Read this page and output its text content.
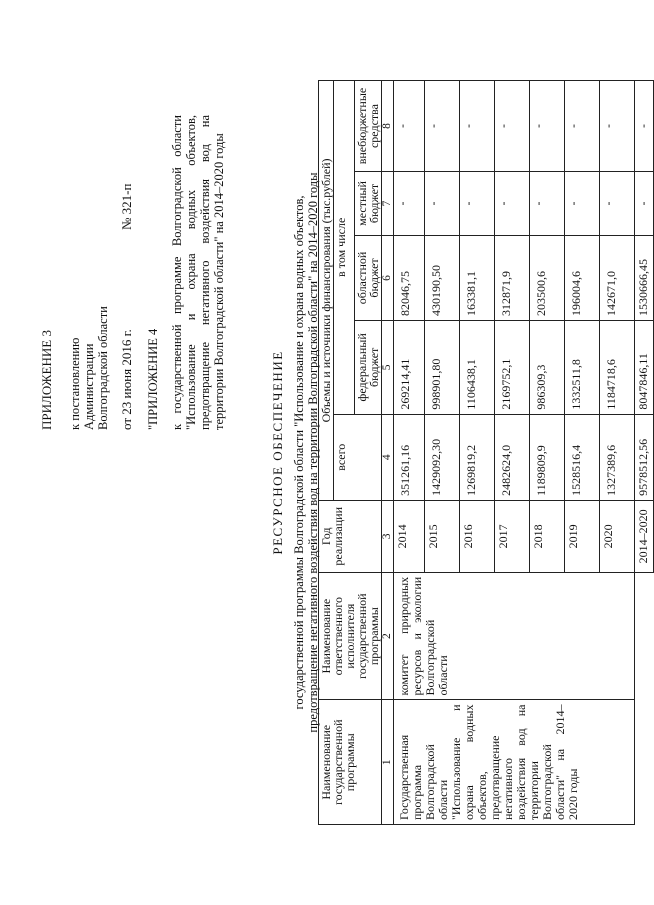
ПРИЛОЖЕНИЕ 3 к постановлению Администрации Волгоградской области от 23 июня 2016 г.
№ 321-п
"ПРИЛОЖЕНИЕ 4 к государственной программе Волгоградской области "Использование и охрана водных объектов, предотвращение негативного воздействия вод на территории Волгоградской области" на 2014–2020 годы
РЕСУРСНОЕ ОБЕСПЕЧЕНИЕ государственной программы Волгоградской области "Использование и охрана водных объектов, предотвращение негативного воздействия вод на территории Волгоградской области" на 2014–2020 годы
Наименование государственной программы	Наименование ответственного исполнителя государственной программы	Год реализации	Объемы и источники финансирования (тыс.рублей)				
			всего	в том числе			
				федеральный бюджет	областной бюджет	местный бюджет	внебюджетные средства
1	2	3	4	5	6	7	8
Государственная программа Волгоградской области "Использование и охрана водных объектов, предотвращение негативного воздействия вод на территории Волгоградской области" на 2014–2020 годы	комитет природных ресурсов и экологии Волгоградской области	2014	351261,16	269214,41	82046,75	-	-
		2015	1429092,30	998901,80	430190,50	-	-
		2016	1269819,2	1106438,1	163381,1	-	-
		2017	2482624,0	2169752,1	312871,9	-	-
		2018	1189809,9	986309,3	203500,6	-	-
		2019	1528516,4	1332511,8	196004,6	-	-
		2020	1327389,6	1184718,6	142671,0	-	-
		2014–2020	9578512,56	8047846,11	1530666,45	-	-
